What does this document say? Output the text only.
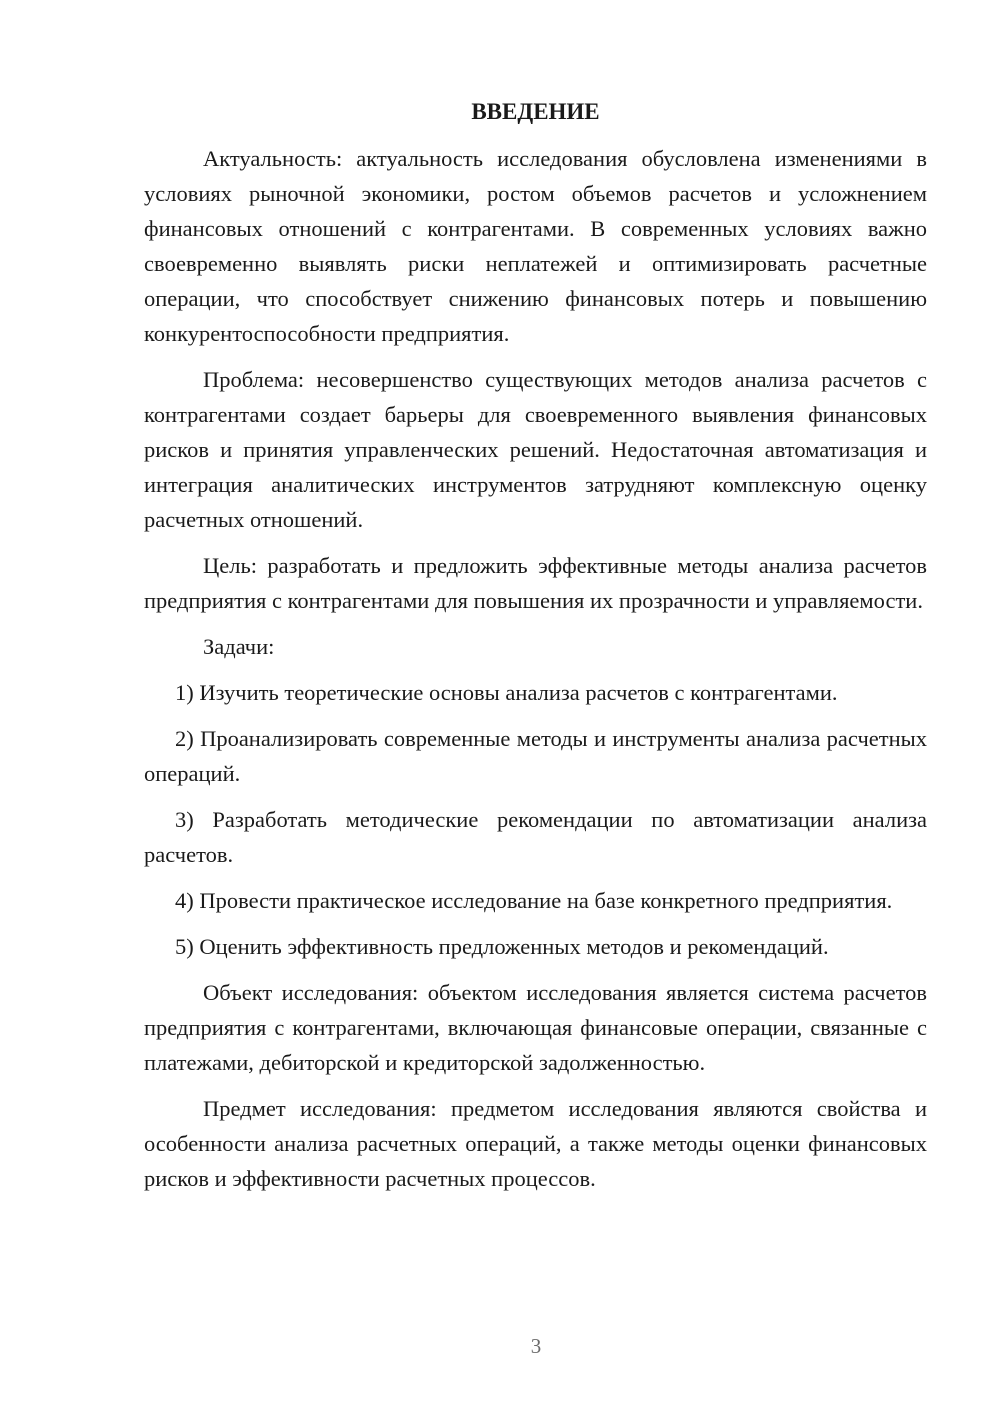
ВВЕДЕНИЕ

Актуальность: актуальность исследования обусловлена изменениями в условиях рыночной экономики, ростом объемов расчетов и усложнением финансовых отношений с контрагентами. В современных условиях важно своевременно выявлять риски неплатежей и оптимизировать расчетные операции, что способствует снижению финансовых потерь и повышению конкурентоспособности предприятия.

Проблема: несовершенство существующих методов анализа расчетов с контрагентами создает барьеры для своевременного выявления финансовых рисков и принятия управленческих решений. Недостаточная автоматизация и интеграция аналитических инструментов затрудняют комплексную оценку расчетных отношений.

Цель: разработать и предложить эффективные методы анализа расчетов предприятия с контрагентами для повышения их прозрачности и управляемости.

Задачи:

1) Изучить теоретические основы анализа расчетов с контрагентами.

2) Проанализировать современные методы и инструменты анализа расчетных операций.

3) Разработать методические рекомендации по автоматизации анализа расчетов.

4) Провести практическое исследование на базе конкретного предприятия.

5) Оценить эффективность предложенных методов и рекомендаций.

Объект исследования: объектом исследования является система расчетов предприятия с контрагентами, включающая финансовые операции, связанные с платежами, дебиторской и кредиторской задолженностью.

Предмет исследования: предметом исследования являются свойства и особенности анализа расчетных операций, а также методы оценки финансовых рисков и эффективности расчетных процессов.

3
